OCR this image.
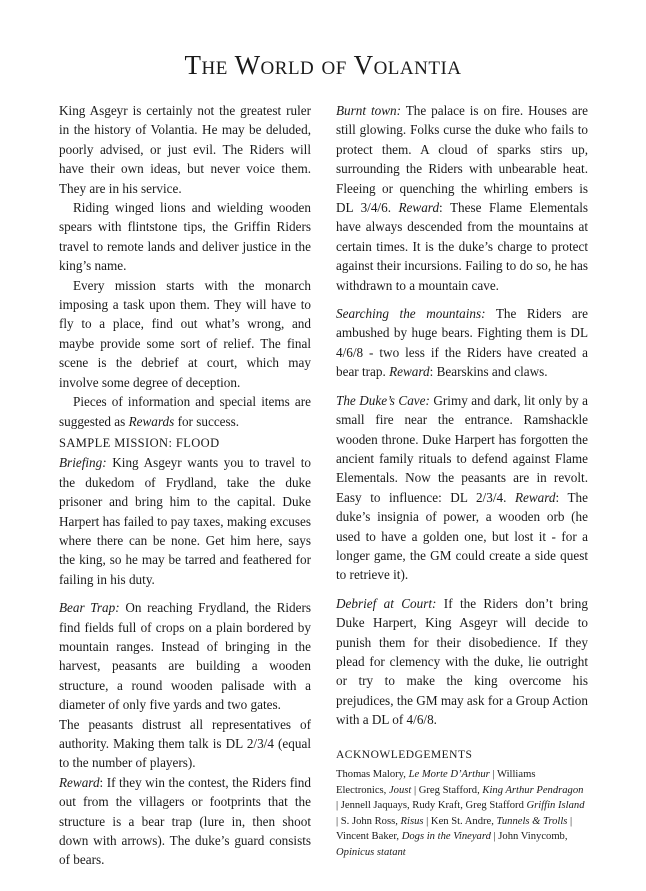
The World of Volantia

King Asgeyr is certainly not the greatest ruler in the history of Volantia. He may be deluded, poorly advised, or just evil. The Riders will have their own ideas, but never voice them. They are in his service.

Riding winged lions and wielding wooden spears with flintstone tips, the Griffin Riders travel to remote lands and deliver justice in the king’s name.

Every mission starts with the monarch imposing a task upon them. They will have to fly to a place, find out what’s wrong, and maybe provide some sort of relief. The final scene is the debrief at court, which may involve some degree of deception.

Pieces of information and special items are suggested as Rewards for success.

SAMPLE MISSION: FLOOD

Briefing: King Asgeyr wants you to travel to the dukedom of Frydland, take the duke prisoner and bring him to the capital. Duke Harpert has failed to pay taxes, making excuses where there can be none. Get him here, says the king, so he may be tarred and feathered for failing in his duty.

Bear Trap: On reaching Frydland, the Riders find fields full of crops on a plain bordered by mountain ranges. Instead of bringing in the harvest, peasants are building a wooden structure, a round wooden palisade with a diameter of only five yards and two gates.

The peasants distrust all representatives of authority. Making them talk is DL 2/3/4 (equal to the number of players).

Reward: If they win the contest, the Riders find out from the villagers or footprints that the structure is a bear trap (lure in, then shoot down with arrows). The duke’s guard consists of bears.

Burnt town: The palace is on fire. Houses are still glowing. Folks curse the duke who fails to protect them. A cloud of sparks stirs up, surrounding the Riders with unbearable heat. Fleeing or quenching the whirling embers is DL 3/4/6. Reward: These Flame Elementals have always descended from the mountains at certain times. It is the duke’s charge to protect against their incursions. Failing to do so, he has withdrawn to a mountain cave.

Searching the mountains: The Riders are ambushed by huge bears. Fighting them is DL 4/6/8 - two less if the Riders have created a bear trap. Reward: Bearskins and claws.

The Duke’s Cave: Grimy and dark, lit only by a small fire near the entrance. Ramshackle wooden throne. Duke Harpert has forgotten the ancient family rituals to defend against Flame Elementals. Now the peasants are in revolt. Easy to influence: DL 2/3/4. Reward: The duke’s insignia of power, a wooden orb (he used to have a golden one, but lost it - for a longer game, the GM could create a side quest to retrieve it).

Debrief at Court: If the Riders don’t bring Duke Harpert, King Asgeyr will decide to punish them for their disobedience. If they plead for clemency with the duke, lie outright or try to make the king overcome his prejudices, the GM may ask for a Group Action with a DL of 4/6/8.

ACKNOWLEDGEMENTS

Thomas Malory, Le Morte D’Arthur | Williams Electronics, Joust | Greg Stafford, King Arthur Pendragon | Jennell Jaquays, Rudy Kraft, Greg Stafford Griffin Island | S. John Ross, Risus | Ken St. Andre, Tunnels & Trolls | Vincent Baker, Dogs in the Vineyard | John Vinycomb, Opinicus statant
